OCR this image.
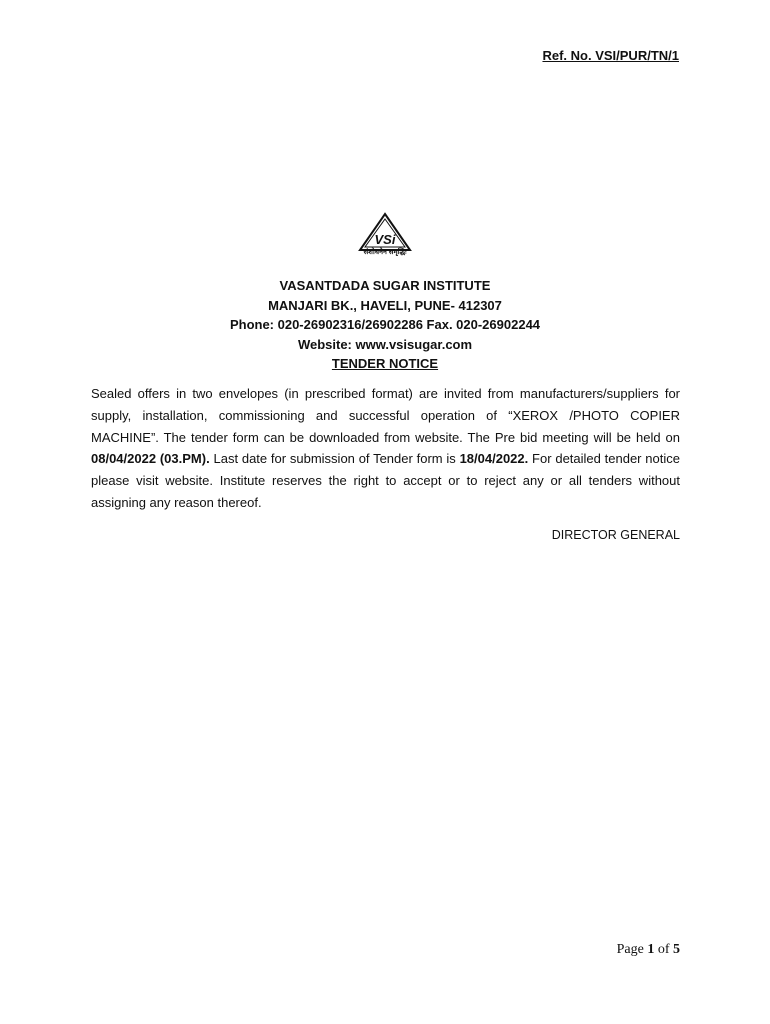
Ref. No. VSI/PUR/TN/1
VSi
संशोधनेन समृद्धिः
VASANTDADA SUGAR INSTITUTE
MANJARI BK., HAVELI, PUNE- 412307
Phone: 020-26902316/26902286 Fax. 020-26902244
Website: www.vsisugar.com
TENDER NOTICE
Sealed offers in two envelopes (in prescribed format) are invited from manufacturers/suppliers for supply, installation, commissioning and successful operation of “XEROX /PHOTO COPIER MACHINE”. The tender form can be downloaded from website. The Pre bid meeting will be held on 08/04/2022 (03.PM). Last date for submission of Tender form is 18/04/2022. For detailed tender notice please visit website. Institute reserves the right to accept or to reject any or all tenders without assigning any reason thereof.
DIRECTOR GENERAL
Page 1 of 5
